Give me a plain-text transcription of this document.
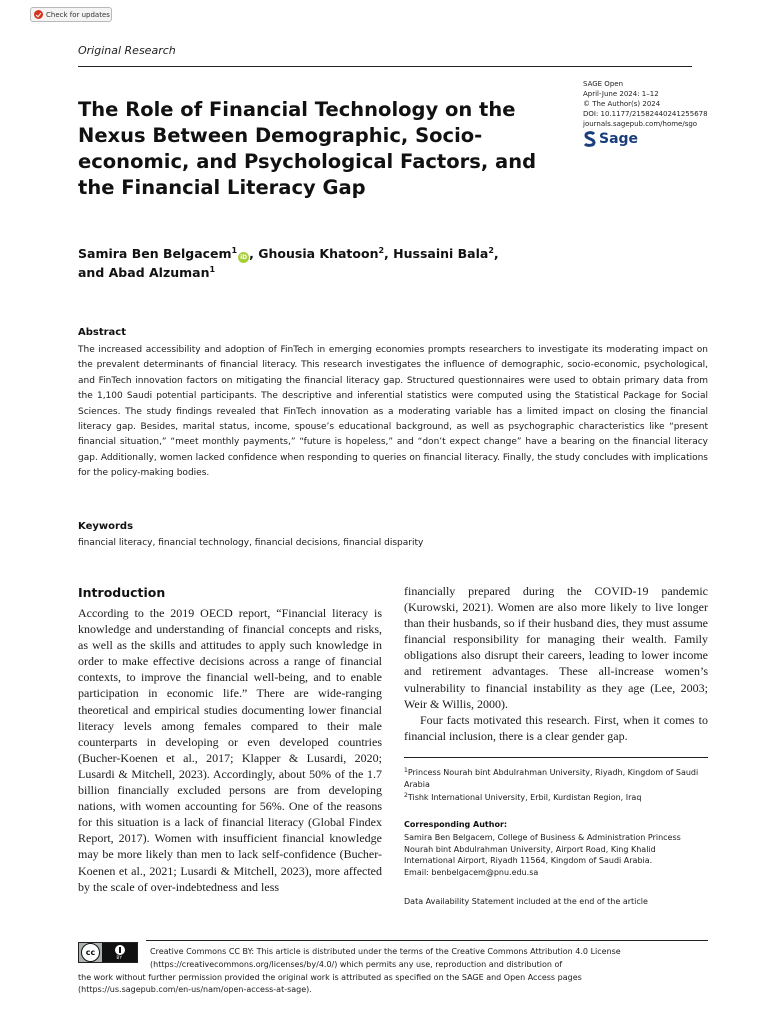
Check for updates
Original Research
SAGE Open
April-June 2024: 1–12
© The Author(s) 2024
DOI: 10.1177/21582440241255678
journals.sagepub.com/home/sgo
Sage
The Role of Financial Technology on the Nexus Between Demographic, Socio-economic, and Psychological Factors, and the Financial Literacy Gap
Samira Ben Belgacem$^1$iD , Ghousia Khatoon$^2$, Hussaini Bala$^2$,
and Abad Alzuman$^1$
Abstract

The increased accessibility and adoption of FinTech in emerging economies prompts researchers to investigate its moderating impact on the prevalent determinants of financial literacy. This research investigates the influence of demographic, socio-economic, psychological, and FinTech innovation factors on mitigating the financial literacy gap. Structured questionnaires were used to obtain primary data from the 1,100 Saudi potential participants. The descriptive and inferential statistics were computed using the Statistical Package for Social Sciences. The study findings revealed that FinTech innovation as a moderating variable has a limited impact on closing the financial literacy gap. Besides, marital status, income, spouse’s educational background, as well as psychographic characteristics like “present financial situation,” “meet monthly payments,” “future is hopeless,” and “don’t expect change” have a bearing on the financial literacy gap. Additionally, women lacked confidence when responding to queries on financial literacy. Finally, the study concludes with implications for the policy-making bodies.

Keywords
financial literacy, financial technology, financial decisions, financial disparity
Introduction

According to the 2019 OECD report, “Financial literacy is knowledge and understanding of financial concepts and risks, as well as the skills and attitudes to apply such knowledge in order to make effective decisions across a range of financial contexts, to improve the financial well-being, and to enable participation in economic life.” There are wide-ranging theoretical and empirical studies documenting lower financial literacy levels among females compared to their male counterparts in developing or even developed countries (Bucher-Koenen et al., 2017; Klapper & Lusardi, 2020; Lusardi & Mitchell, 2023). Accordingly, about 50% of the 1.7 billion financially excluded persons are from developing nations, with women accounting for 56%. One of the reasons for this situation is a lack of financial literacy (Global Findex Report, 2017). Women with insufficient financial knowledge may be more likely than men to lack self-confidence (Bucher-Koenen et al., 2021; Lusardi & Mitchell, 2023), more affected by the scale of over-indebtedness and less

financially prepared during the COVID-19 pandemic (Kurowski, 2021). Women are also more likely to live longer than their husbands, so if their husband dies, they must assume financial responsibility for managing their wealth. Family obligations also disrupt their careers, leading to lower income and retirement advantages. These all-increase women’s vulnerability to financial instability as they age (Lee, 2003; Weir & Willis, 2000).

Four facts motivated this research. First, when it comes to financial inclusion, there is a clear gender gap.

$^1$Princess Nourah bint Abdulrahman University, Riyadh, Kingdom of Saudi Arabia
$^2$Tishk International University, Erbil, Kurdistan Region, Iraq
Corresponding Author:
Samira Ben Belgacem, College of Business & Administration Princess Nourah bint Abdulrahman University, Airport Road, King Khalid International Airport, Riyadh 11564, Kingdom of Saudi Arabia.
Email: benbelgacem@pnu.edu.sa
Data Availability Statement included at the end of the article
cc
BY
Creative Commons CC BY: This article is distributed under the terms of the Creative Commons Attribution 4.0 License
(https://creativecommons.org/licenses/by/4.0/) which permits any use, reproduction and distribution of
the work without further permission provided the original work is attributed as specified on the SAGE and Open Access pages
(https://us.sagepub.com/en-us/nam/open-access-at-sage).
